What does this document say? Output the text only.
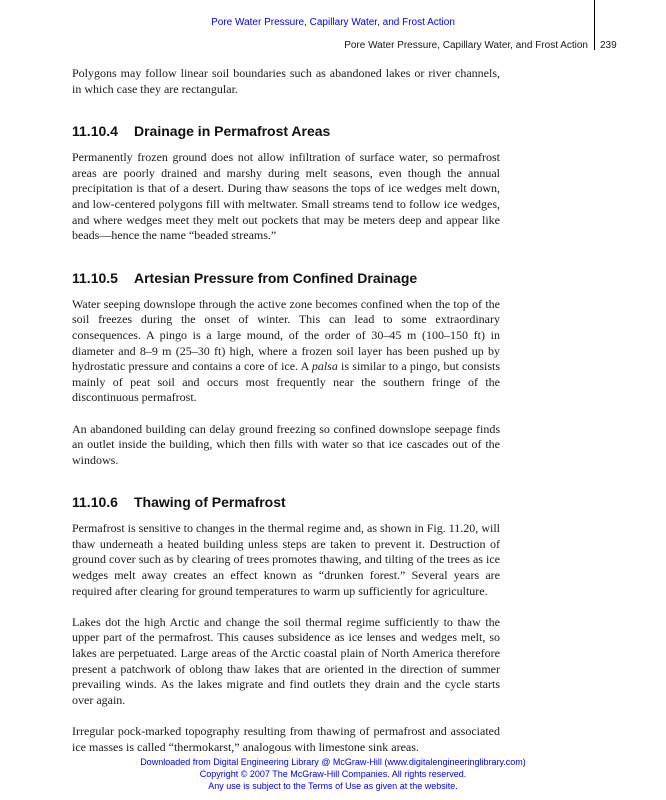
Pore Water Pressure, Capillary Water, and Frost Action
Pore Water Pressure, Capillary Water, and Frost Action 239

Polygons may follow linear soil boundaries such as abandoned lakes or river channels, in which case they are rectangular.

11.10.4 Drainage in Permafrost Areas

Permanently frozen ground does not allow infiltration of surface water, so permafrost areas are poorly drained and marshy during melt seasons, even though the annual precipitation is that of a desert. During thaw seasons the tops of ice wedges melt down, and low-centered polygons fill with meltwater. Small streams tend to follow ice wedges, and where wedges meet they melt out pockets that may be meters deep and appear like beads—hence the name “beaded streams.”

11.10.5 Artesian Pressure from Confined Drainage

Water seeping downslope through the active zone becomes confined when the top of the soil freezes during the onset of winter. This can lead to some extraordinary consequences. A pingo is a large mound, of the order of 30–45 m (100–150 ft) in diameter and 8–9 m (25–30 ft) high, where a frozen soil layer has been pushed up by hydrostatic pressure and contains a core of ice. A palsa is similar to a pingo, but consists mainly of peat soil and occurs most frequently near the southern fringe of the discontinuous permafrost.

An abandoned building can delay ground freezing so confined downslope seepage finds an outlet inside the building, which then fills with water so that ice cascades out of the windows.

11.10.6 Thawing of Permafrost

Permafrost is sensitive to changes in the thermal regime and, as shown in Fig. 11.20, will thaw underneath a heated building unless steps are taken to prevent it. Destruction of ground cover such as by clearing of trees promotes thawing, and tilting of the trees as ice wedges melt away creates an effect known as “drunken forest.” Several years are required after clearing for ground temperatures to warm up sufficiently for agriculture.

Lakes dot the high Arctic and change the soil thermal regime sufficiently to thaw the upper part of the permafrost. This causes subsidence as ice lenses and wedges melt, so lakes are perpetuated. Large areas of the Arctic coastal plain of North America therefore present a patchwork of oblong thaw lakes that are oriented in the direction of summer prevailing winds. As the lakes migrate and find outlets they drain and the cycle starts over again.

Irregular pock-marked topography resulting from thawing of permafrost and associated ice masses is called “thermokarst,” analogous with limestone sink areas.

Downloaded from Digital Engineering Library @ McGraw-Hill (www.digitalengineeringlibrary.com)
Copyright © 2007 The McGraw-Hill Companies. All rights reserved.
Any use is subject to the Terms of Use as given at the website.
